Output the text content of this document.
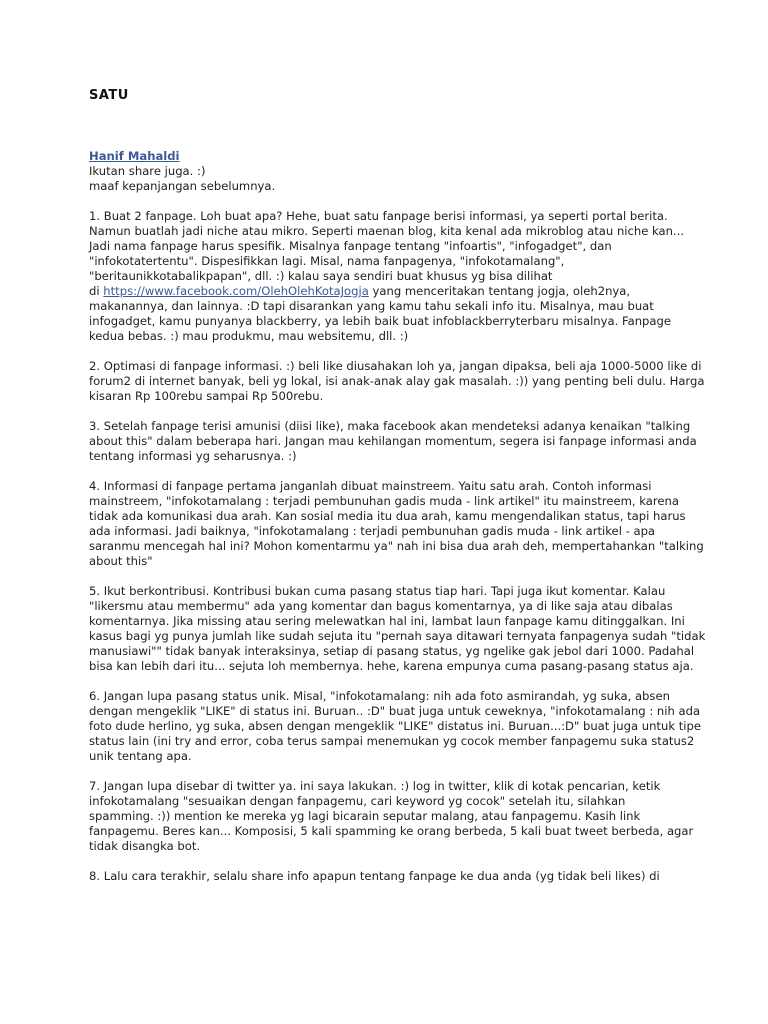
SATU
Hanif Mahaldi
Ikutan share juga. :)
maaf kepanjangan sebelumnya.
1. Buat 2 fanpage. Loh buat apa? Hehe, buat satu fanpage berisi informasi, ya seperti portal berita.
Namun buatlah jadi niche atau mikro. Seperti maenan blog, kita kenal ada mikroblog atau niche kan...
Jadi nama fanpage harus spesifik. Misalnya fanpage tentang "infoartis", "infogadget", dan
"infokotatertentu". Dispesifikkan lagi. Misal, nama fanpagenya, "infokotamalang",
"beritaunikkotabalikpapan", dll. :) kalau saya sendiri buat khusus yg bisa dilihat
di https://www.facebook.com/OlehOlehKotaJogja yang menceritakan tentang jogja, oleh2nya,
makanannya, dan lainnya. :D tapi disarankan yang kamu tahu sekali info itu. Misalnya, mau buat
infogadget, kamu punyanya blackberry, ya lebih baik buat infoblackberryterbaru misalnya. Fanpage
kedua bebas. :) mau produkmu, mau websitemu, dll. :)
2. Optimasi di fanpage informasi. :) beli like diusahakan loh ya, jangan dipaksa, beli aja 1000-5000 like di
forum2 di internet banyak, beli yg lokal, isi anak-anak alay gak masalah. :)) yang penting beli dulu. Harga
kisaran Rp 100rebu sampai Rp 500rebu.
3. Setelah fanpage terisi amunisi (diisi like), maka facebook akan mendeteksi adanya kenaikan "talking
about this" dalam beberapa hari. Jangan mau kehilangan momentum, segera isi fanpage informasi anda
tentang informasi yg seharusnya. :)
4. Informasi di fanpage pertama janganlah dibuat mainstreem. Yaitu satu arah. Contoh informasi
mainstreem, "infokotamalang : terjadi pembunuhan gadis muda - link artikel" itu mainstreem, karena
tidak ada komunikasi dua arah. Kan sosial media itu dua arah, kamu mengendalikan status, tapi harus
ada informasi. Jadi baiknya, "infokotamalang : terjadi pembunuhan gadis muda - link artikel - apa
saranmu mencegah hal ini? Mohon komentarmu ya" nah ini bisa dua arah deh, mempertahankan "talking
about this"
5. Ikut berkontribusi. Kontribusi bukan cuma pasang status tiap hari. Tapi juga ikut komentar. Kalau
"likersmu atau membermu" ada yang komentar dan bagus komentarnya, ya di like saja atau dibalas
komentarnya. Jika missing atau sering melewatkan hal ini, lambat laun fanpage kamu ditinggalkan. Ini
kasus bagi yg punya jumlah like sudah sejuta itu "pernah saya ditawari ternyata fanpagenya sudah "tidak
manusiawi"" tidak banyak interaksinya, setiap di pasang status, yg ngelike gak jebol dari 1000. Padahal
bisa kan lebih dari itu... sejuta loh membernya. hehe, karena empunya cuma pasang-pasang status aja.
6. Jangan lupa pasang status unik. Misal, "infokotamalang: nih ada foto asmirandah, yg suka, absen
dengan mengeklik "LIKE" di status ini. Buruan.. :D" buat juga untuk ceweknya, "infokotamalang : nih ada
foto dude herlino, yg suka, absen dengan mengeklik "LIKE" distatus ini. Buruan...:D" buat juga untuk tipe
status lain (ini try and error, coba terus sampai menemukan yg cocok member fanpagemu suka status2
unik tentang apa.
7. Jangan lupa disebar di twitter ya. ini saya lakukan. :) log in twitter, klik di kotak pencarian, ketik
infokotamalang "sesuaikan dengan fanpagemu, cari keyword yg cocok" setelah itu, silahkan
spamming. :)) mention ke mereka yg lagi bicarain seputar malang, atau fanpagemu. Kasih link
fanpagemu. Beres kan... Komposisi, 5 kali spamming ke orang berbeda, 5 kali buat tweet berbeda, agar
tidak disangka bot.
8. Lalu cara terakhir, selalu share info apapun tentang fanpage ke dua anda (yg tidak beli likes) di
